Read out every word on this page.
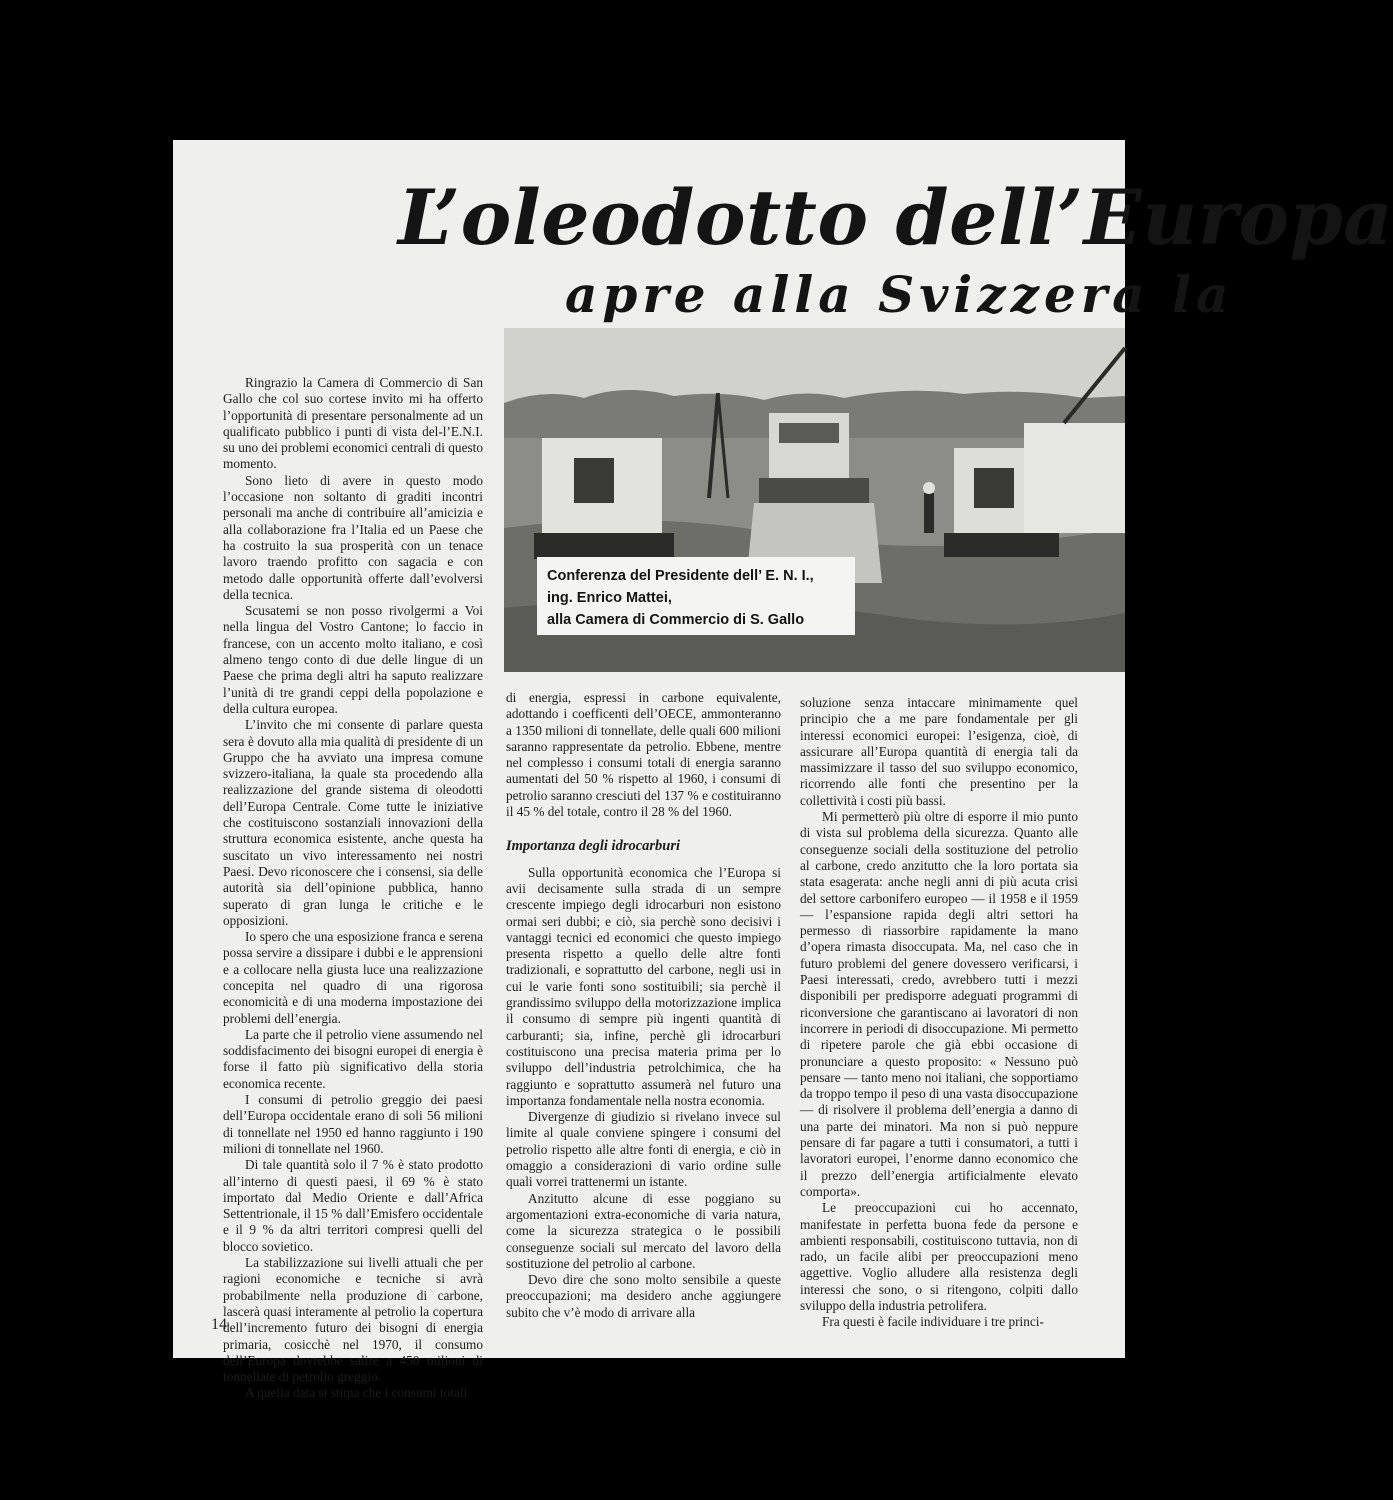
L’oleodotto dell’Europa
apre alla Svizzera la
Conferenza del Presidente dell’ E. N. I.,
ing. Enrico Mattei,
alla Camera di Commercio di S. Gallo

Ringrazio la Camera di Commercio di San Gallo che col suo cortese invito mi ha offerto l’opportunità di presentare personalmente ad un qualificato pubblico i punti di vista del-l’E.N.I. su uno dei problemi economici centrali di questo momento.

Sono lieto di avere in questo modo l’occasione non soltanto di graditi incontri personali ma anche di contribuire all’amicizia e alla collaborazione fra l’Italia ed un Paese che ha costruito la sua prosperità con un tenace lavoro traendo profitto con sagacia e con metodo dalle opportunità offerte dall’evolversi della tecnica.

Scusatemi se non posso rivolgermi a Voi nella lingua del Vostro Cantone; lo faccio in francese, con un accento molto italiano, e così almeno tengo conto di due delle lingue di un Paese che prima degli altri ha saputo realizzare l’unità di tre grandi ceppi della popolazione e della cultura europea.

L’invito che mi consente di parlare questa sera è dovuto alla mia qualità di presidente di un Gruppo che ha avviato una impresa comune svizzero-italiana, la quale sta procedendo alla realizzazione del grande sistema di oleodotti dell’Europa Centrale. Come tutte le iniziative che costituiscono sostanziali innovazioni della struttura economica esistente, anche questa ha suscitato un vivo interessamento nei nostri Paesi. Devo riconoscere che i consensi, sia delle autorità sia dell’opinione pubblica, hanno superato di gran lunga le critiche e le opposizioni.

Io spero che una esposizione franca e serena possa servire a dissipare i dubbi e le apprensioni e a collocare nella giusta luce una realizzazione concepita nel quadro di una rigorosa economicità e di una moderna impostazione dei problemi dell’energia.

La parte che il petrolio viene assumendo nel soddisfacimento dei bisogni europei di energia è forse il fatto più significativo della storia economica recente.

I consumi di petrolio greggio dei paesi dell’Europa occidentale erano di soli 56 milioni di tonnellate nel 1950 ed hanno raggiunto i 190 milioni di tonnellate nel 1960.

Di tale quantità solo il 7 % è stato prodotto all’interno di questi paesi, il 69 % è stato importato dal Medio Oriente e dall’Africa Settentrionale, il 15 % dall’Emisfero occidentale e il 9 % da altri territori compresi quelli del blocco sovietico.

La stabilizzazione sui livelli attuali che per ragioni economiche e tecniche si avrà probabilmente nella produzione di carbone, lascerà quasi interamente al petrolio la copertura dell’incremento futuro dei bisogni di energia primaria, cosicchè nel 1970, il consumo dell’Europa dovrebbe salire a 450 milioni di tonnellate di petrolio greggio.

A quella data si stima che i consumi totali

di energia, espressi in carbone equivalente, adottando i coefficenti dell’OECE, ammonteranno a 1350 milioni di tonnellate, delle quali 600 milioni saranno rappresentate da petrolio. Ebbene, mentre nel complesso i consumi totali di energia saranno aumentati del 50 % rispetto al 1960, i consumi di petrolio saranno cresciuti del 137 % e costituiranno il 45 % del totale, contro il 28 % del 1960.

Importanza degli idrocarburi

Sulla opportunità economica che l’Europa si avii decisamente sulla strada di un sempre crescente impiego degli idrocarburi non esistono ormai seri dubbi; e ciò, sia perchè sono decisivi i vantaggi tecnici ed economici che questo impiego presenta rispetto a quello delle altre fonti tradizionali, e soprattutto del carbone, negli usi in cui le varie fonti sono sostituibili; sia perchè il grandissimo sviluppo della motorizzazione implica il consumo di sempre più ingenti quantità di carburanti; sia, infine, perchè gli idrocarburi costituiscono una precisa materia prima per lo sviluppo dell’industria petrolchimica, che ha raggiunto e soprattutto assumerà nel futuro una importanza fondamentale nella nostra economia.

Divergenze di giudizio si rivelano invece sul limite al quale conviene spingere i consumi del petrolio rispetto alle altre fonti di energia, e ciò in omaggio a considerazioni di vario ordine sulle quali vorrei trattenermi un istante.

Anzitutto alcune di esse poggiano su argomentazioni extra-economiche di varia natura, come la sicurezza strategica o le possibili conseguenze sociali sul mercato del lavoro della sostituzione del petrolio al carbone.

Devo dire che sono molto sensibile a queste preoccupazioni; ma desidero anche aggiungere subito che v’è modo di arrivare alla

soluzione senza intaccare minimamente quel principio che a me pare fondamentale per gli interessi economici europei: l’esigenza, cioè, di assicurare all’Europa quantità di energia tali da massimizzare il tasso del suo sviluppo economico, ricorrendo alle fonti che presentino per la collettività i costi più bassi.

Mi permetterò più oltre di esporre il mio punto di vista sul problema della sicurezza. Quanto alle conseguenze sociali della sostituzione del petrolio al carbone, credo anzitutto che la loro portata sia stata esagerata: anche negli anni di più acuta crisi del settore carbonifero europeo — il 1958 e il 1959 — l’espansione rapida degli altri settori ha permesso di riassorbire rapidamente la mano d’opera rimasta disoccupata. Ma, nel caso che in futuro problemi del genere dovessero verificarsi, i Paesi interessati, credo, avrebbero tutti i mezzi disponibili per predisporre adeguati programmi di riconversione che garantiscano ai lavoratori di non incorrere in periodi di disoccupazione. Mi permetto di ripetere parole che già ebbi occasione di pronunciare a questo proposito: « Nessuno può pensare — tanto meno noi italiani, che sopportiamo da troppo tempo il peso di una vasta disoccupazione — di risolvere il problema dell’energia a danno di una parte dei minatori. Ma non si può neppure pensare di far pagare a tutti i consumatori, a tutti i lavoratori europei, l’enorme danno economico che il prezzo dell’energia artificialmente elevato comporta».

Le preoccupazioni cui ho accennato, manifestate in perfetta buona fede da persone e ambienti responsabili, costituiscono tuttavia, non di rado, un facile alibi per preoccupazioni meno aggettive. Voglio alludere alla resistenza degli interessi che sono, o si ritengono, colpiti dallo sviluppo della industria petrolifera.

Fra questi è facile individuare i tre princi-

14
